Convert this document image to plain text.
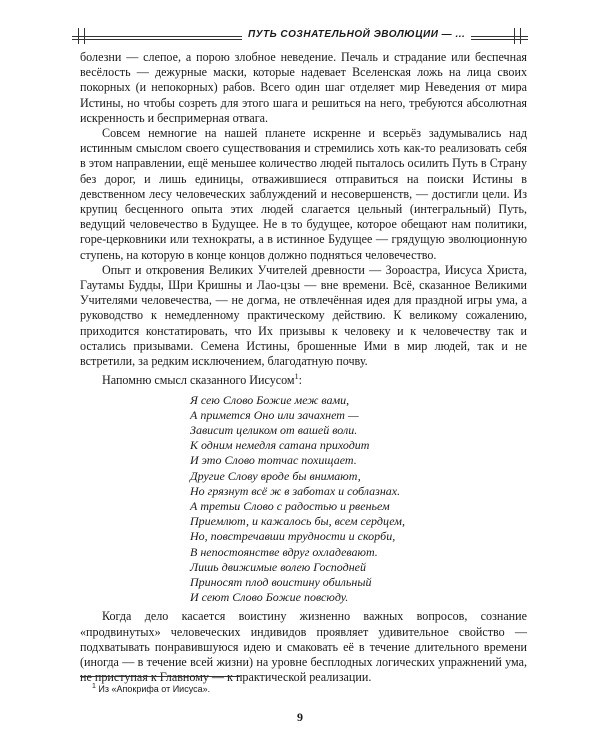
ПУТЬ СОЗНАТЕЛЬНОЙ ЭВОЛЮЦИИ — ...

болезни — слепое, а порою злобное неведение. Печаль и страдание или беспечная весёлость — дежурные маски, которые надевает Вселенская ложь на лица своих покорных (и непокорных) рабов. Всего один шаг отделяет мир Неведения от мира Истины, но чтобы созреть для этого шага и решиться на него, требуются абсолютная искренность и беспримерная отвага.

Совсем немногие на нашей планете искренне и всерьёз задумывались над истинным смыслом своего существования и стремились хоть как-то реализовать себя в этом направлении, ещё меньшее количество людей пыталось осилить Путь в Страну без дорог, и лишь единицы, отважившиеся отправиться на поиски Истины в девственном лесу человеческих заблуждений и несовершенств, — достигли цели. Из крупиц бесценного опыта этих людей слагается цельный (интегральный) Путь, ведущий человечество в Будущее. Не в то будущее, которое обещают нам политики, горе-церковники или технократы, а в истинное Будущее — грядущую эволюционную ступень, на которую в конце концов должно подняться человечество.

Опыт и откровения Великих Учителей древности — Зороастра, Иисуса Христа, Гаутамы Будды, Шри Кришны и Лао-цзы — вне времени. Всё, сказанное Великими Учителями человечества, — не догма, не отвлечённая идея для праздной игры ума, а руководство к немедленному практическому действию. К великому сожалению, приходится констатировать, что Их призывы к человеку и к человечеству так и остались призывами. Семена Истины, брошенные Ими в мир людей, так и не встретили, за редким исключением, благодатную почву.

Напомню смысл сказанного Иисусом$^1$:

Я сею Слово Божие меж вами,
А примется Оно или зачахнет —
Зависит целиком от вашей воли.
К одним немедля сатана приходит
И это Слово тотчас похищает.
Другие Слову вроде бы внимают,
Но грязнут всё ж в заботах и соблазнах.
А третьи Слово с радостью и рвеньем
Приемлют, и кажалось бы, всем сердцем,
Но, повстречавши трудности и скорби,
В непостоянстве вдруг охладевают.
Лишь движимые волею Господней
Приносят плод воистину обильный
И сеют Слово Божие повсюду.

Когда дело касается воистину жизненно важных вопросов, сознание «продвинутых» человеческих индивидов проявляет удивительное свойство — подхватывать понравившуюся идею и смаковать её в течение длительного времени (иногда — в течение всей жизни) на уровне бесплодных логических упражнений ума, не приступая к Главному — к практической реализации.

$^1$ Из «Апокрифа от Иисуса».
9
